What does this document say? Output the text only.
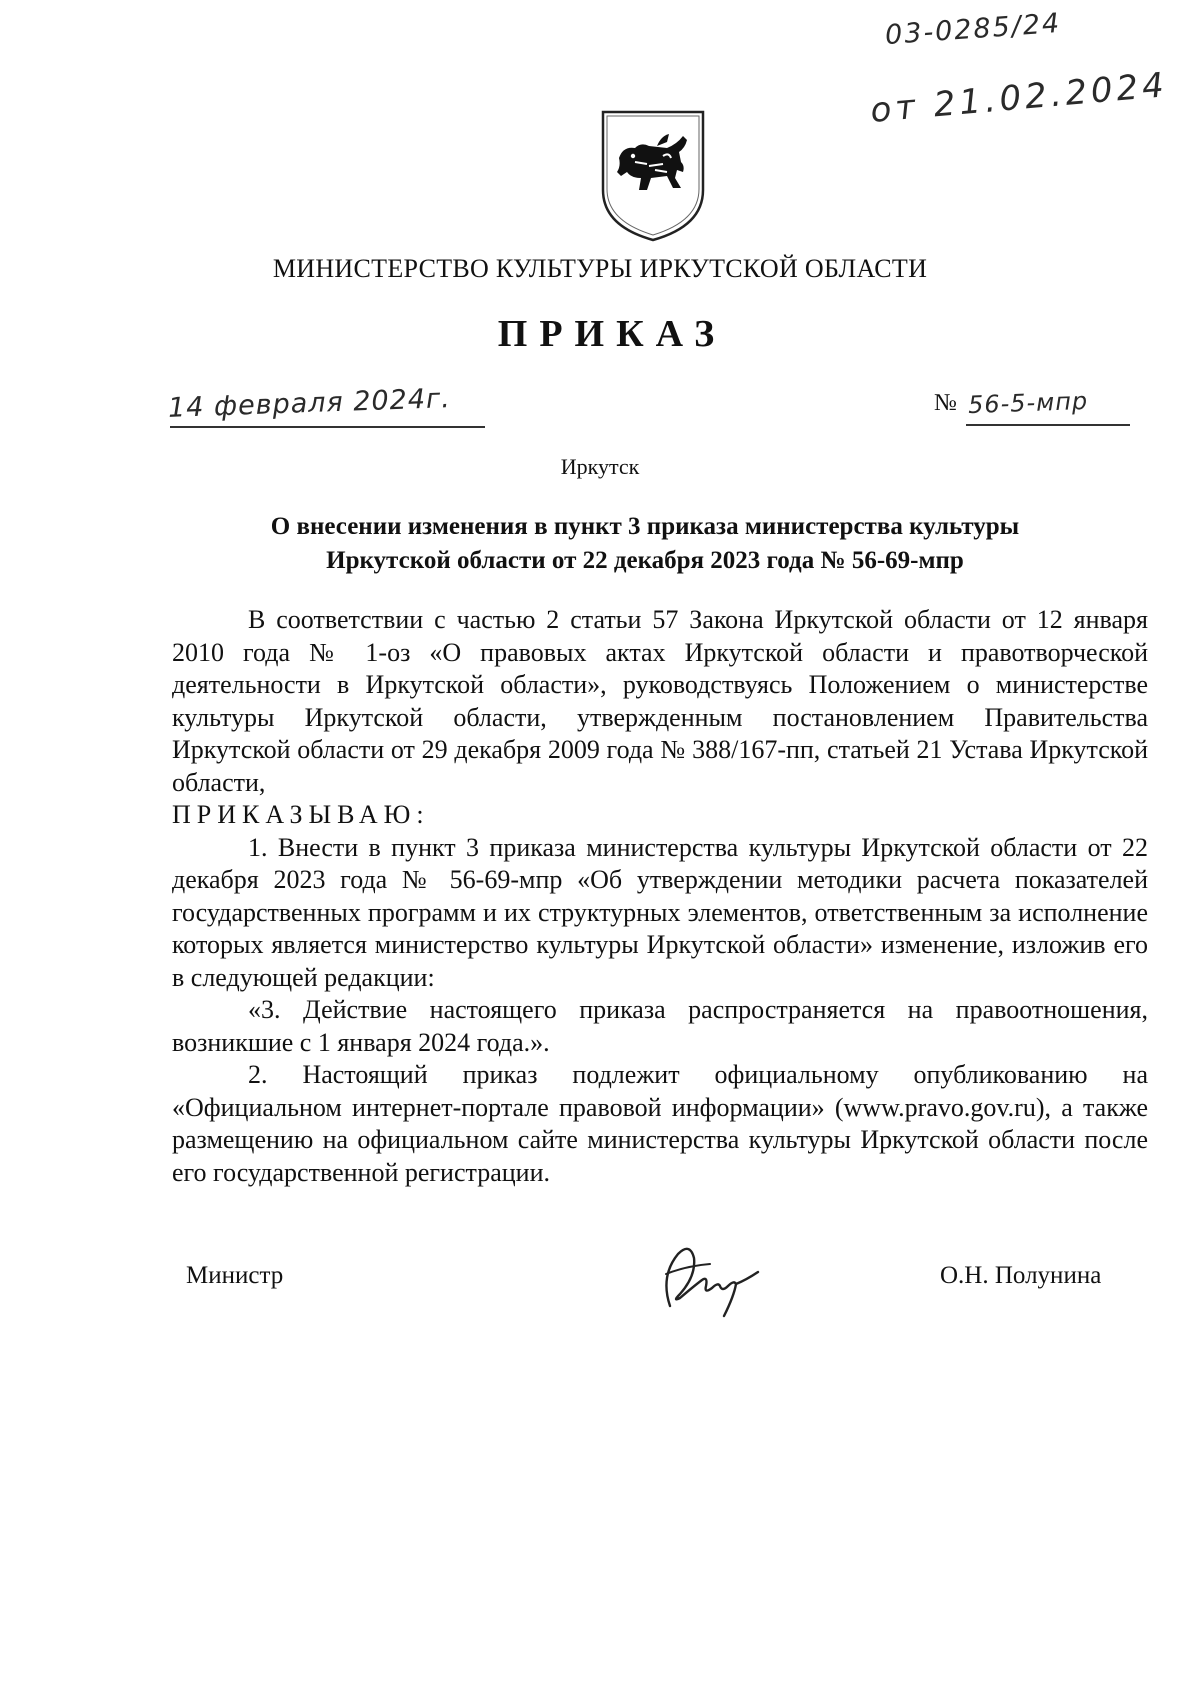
03-0285/24
от 21.02.2024
МИНИСТЕРСТВО КУЛЬТУРЫ ИРКУТСКОЙ ОБЛАСТИ
ПРИКАЗ
14 февраля 2024г.	№ 56-5-мпр
Иркутск
О внесении изменения в пункт 3 приказа министерства культуры
Иркутской области от 22 декабря 2023 года № 56-69-мпр

В соответствии с частью 2 статьи 57 Закона Иркутской области от 12 января 2010 года № 1-оз «О правовых актах Иркутской области и правотворческой деятельности в Иркутской области», руководствуясь Положением о министерстве культуры Иркутской области, утвержденным постановлением Правительства Иркутской области от 29 декабря 2009 года № 388/167-пп, статьей 21 Устава Иркутской области,

ПРИКАЗЫВАЮ:

1. Внести в пункт 3 приказа министерства культуры Иркутской области от 22 декабря 2023 года № 56-69-мпр «Об утверждении методики расчета показателей государственных программ и их структурных элементов, ответственным за исполнение которых является министерство культуры Иркутской области» изменение, изложив его в следующей редакции:

«3. Действие настоящего приказа распространяется на правоотношения, возникшие с 1 января 2024 года.».

2. Настоящий приказ подлежит официальному опубликованию на «Официальном интернет-портале правовой информации» (www.pravo.gov.ru), а также размещению на официальном сайте министерства культуры Иркутской области после его государственной регистрации.

Министр	О.Н. Полунина
